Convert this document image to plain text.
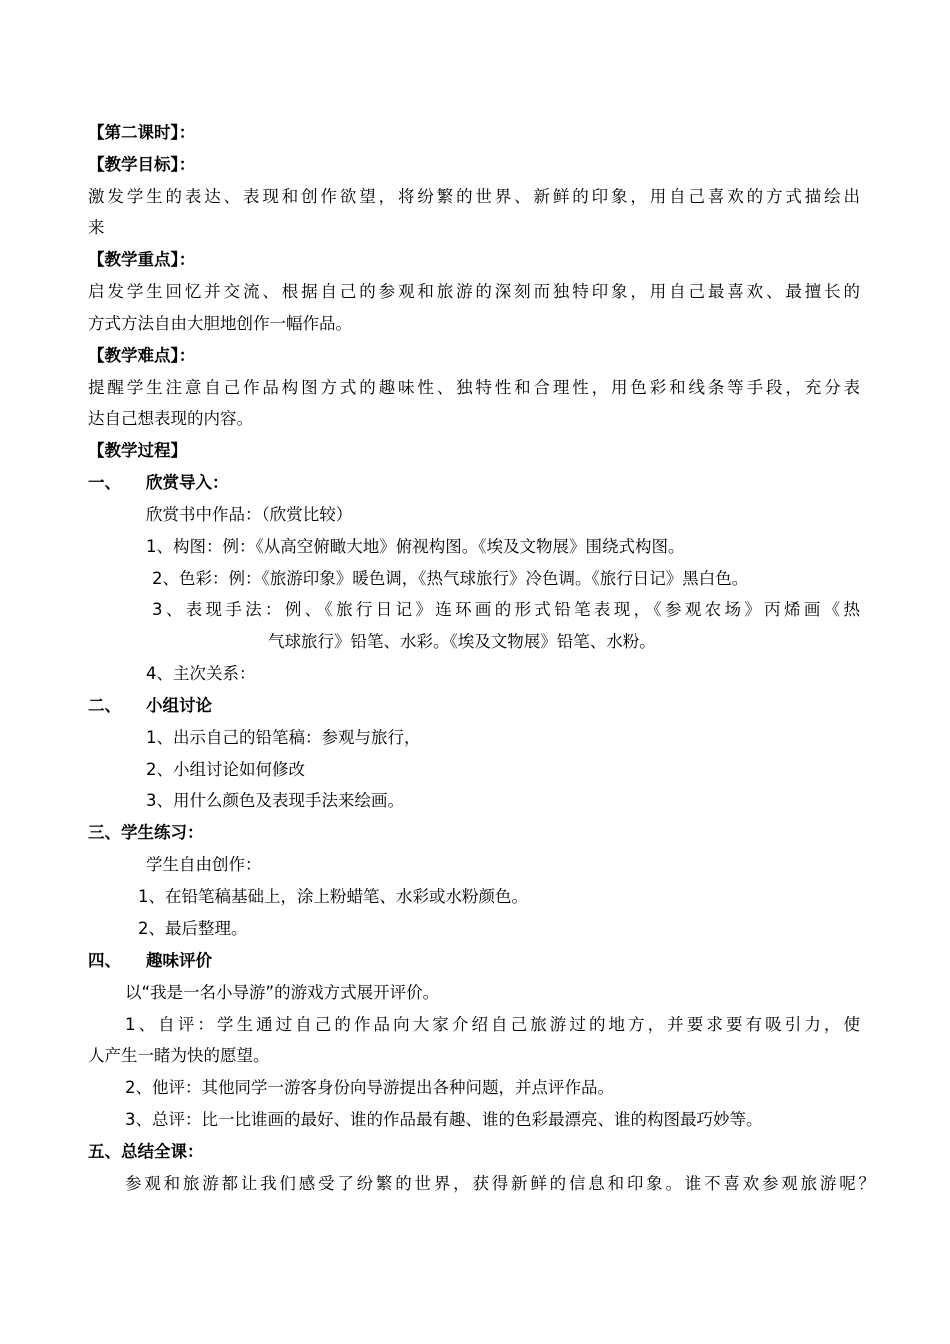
【第二课时】：
【教学目标】：
激发学生的表达、表现和创作欲望，将纷繁的世界、新鲜的印象，用自己喜欢的方式描绘出
来
【教学重点】：
启发学生回忆并交流、根据自己的参观和旅游的深刻而独特印象，用自己最喜欢、最擅长的
方式方法自由大胆地创作一幅作品。
【教学难点】：
提醒学生注意自己作品构图方式的趣味性、独特性和合理性，用色彩和线条等手段，充分表
达自己想表现的内容。
【教学过程】
一、 欣赏导入：
欣赏书中作品：（欣赏比较）
1、构图：例：《从高空俯瞰大地》俯视构图。《埃及文物展》围绕式构图。
2、色彩：例：《旅游印象》暖色调，《热气球旅行》冷色调。《旅行日记》黑白色。
3、表现手法：例、《旅行日记》连环画的形式铅笔表现，《参观农场》丙烯画《热
气球旅行》铅笔、水彩。《埃及文物展》铅笔、水粉。
4、主次关系：
二、 小组讨论
1、出示自己的铅笔稿：参观与旅行，
2、小组讨论如何修改
3、用什么颜色及表现手法来绘画。
三、学生练习：
学生自由创作：
1、在铅笔稿基础上，涂上粉蜡笔、水彩或水粉颜色。
2、最后整理。
四、 趣味评价
以“我是一名小导游”的游戏方式展开评价。
1、自评：学生通过自己的作品向大家介绍自己旅游过的地方，并要求要有吸引力，使
人产生一睹为快的愿望。
2、他评：其他同学一游客身份向导游提出各种问题，并点评作品。
3、总评：比一比谁画的最好、谁的作品最有趣、谁的色彩最漂亮、谁的构图最巧妙等。
五、总结全课：
参观和旅游都让我们感受了纷繁的世界，获得新鲜的信息和印象。谁不喜欢参观旅游呢？
